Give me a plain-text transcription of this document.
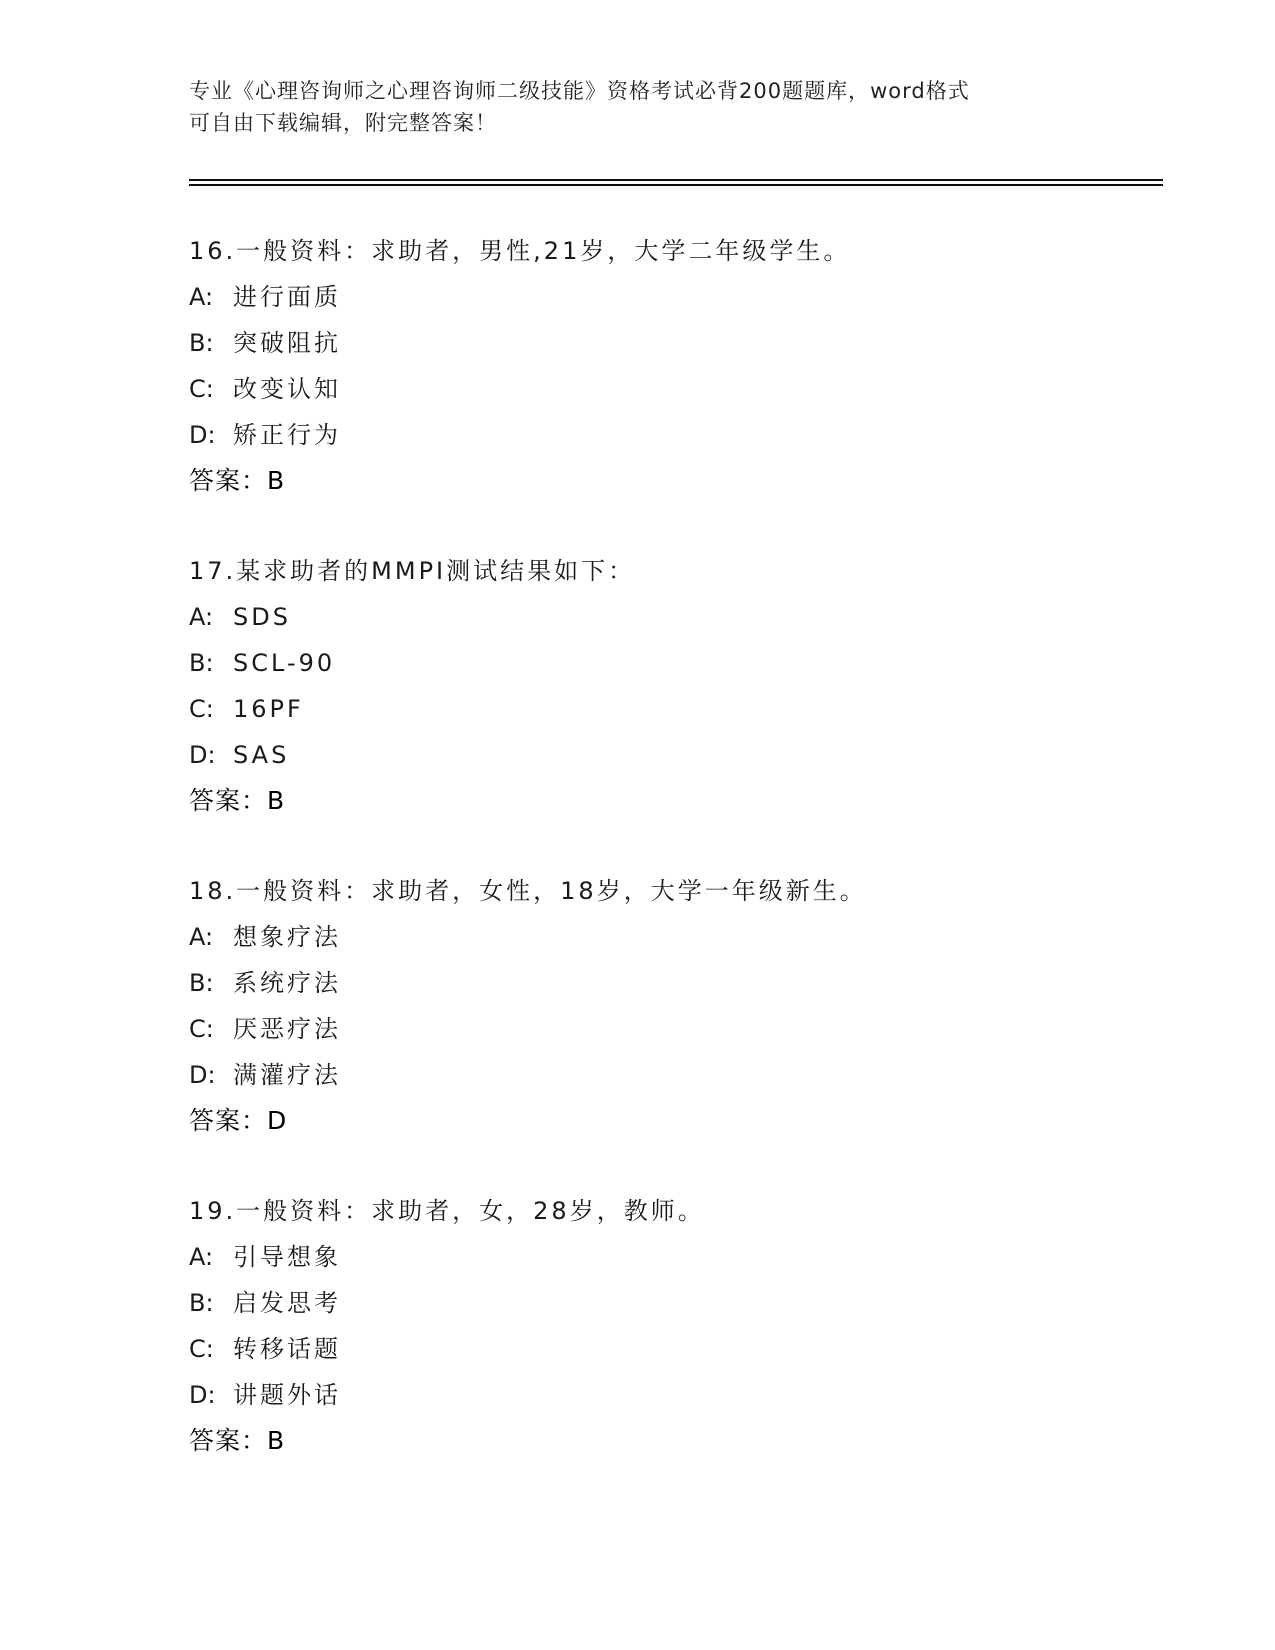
专业《心理咨询师之心理咨询师二级技能》资格考试必背200题题库，word格式
可自由下载编辑，附完整答案！
16.一般资料：求助者，男性,21岁，大学二年级学生。
A: 进行面质
B: 突破阻抗
C: 改变认知
D: 矫正行为
答案：B
17.某求助者的MMPI测试结果如下：
A: SDS
B: SCL-90
C: 16PF
D: SAS
答案：B
18.一般资料：求助者，女性，18岁，大学一年级新生。
A: 想象疗法
B: 系统疗法
C: 厌恶疗法
D: 满灌疗法
答案：D
19.一般资料：求助者，女，28岁，教师。
A: 引导想象
B: 启发思考
C: 转移话题
D: 讲题外话
答案：B
